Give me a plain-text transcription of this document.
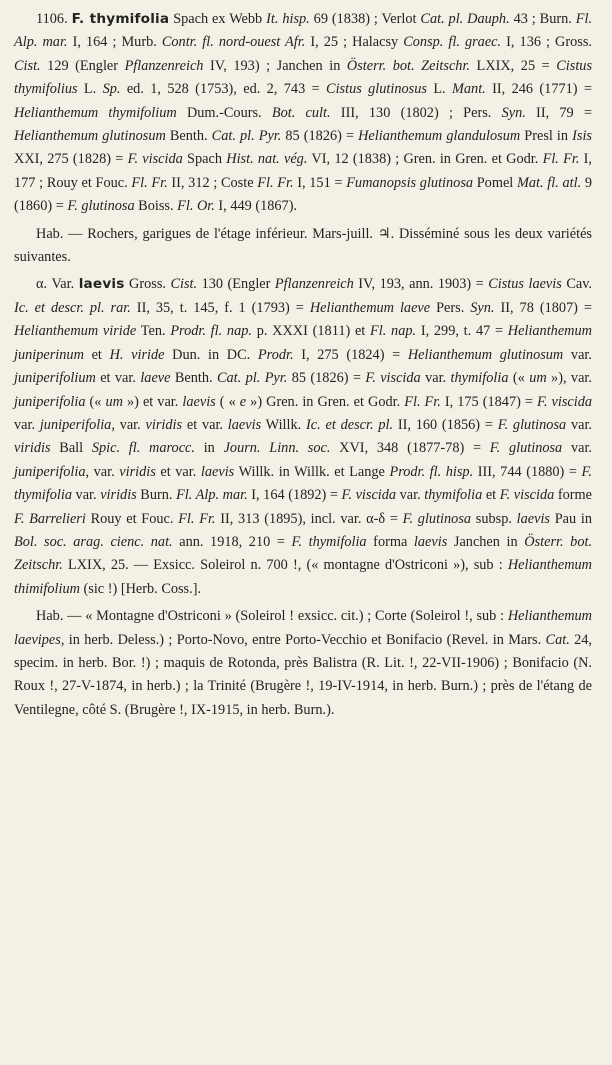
1106. F. thymifolia Spach ex Webb It. hisp. 69 (1838) ; Verlot Cat. pl. Dauph. 43 ; Burn. Fl. Alp. mar. I, 164 ; Murb. Contr. fl. nord-ouest Afr. I, 25 ; Halacsy Consp. fl. graec. I, 136 ; Gross. Cist. 129 (Engler Pflanzenreich IV, 193) ; Janchen in Österr. bot. Zeitschr. LXIX, 25 = Cistus thymifolius L. Sp. ed. 1, 528 (1753), ed. 2, 743 = Cistus glutinosus L. Mant. II, 246 (1771) = Helianthemum thymifolium Dum.-Cours. Bot. cult. III, 130 (1802) ; Pers. Syn. II, 79 = Helianthemum glutinosum Benth. Cat. pl. Pyr. 85 (1826) = Helianthemum glandulosum Presl in Isis XXI, 275 (1828) = F. viscida Spach Hist. nat. vég. VI, 12 (1838) ; Gren. in Gren. et Godr. Fl. Fr. I, 177 ; Rouy et Fouc. Fl. Fr. II, 312 ; Coste Fl. Fr. I, 151 = Fumanopsis glutinosa Pomel Mat. fl. atl. 9 (1860) = F. glutinosa Boiss. Fl. Or. I, 449 (1867).

Hab. — Rochers, garigues de l'étage inférieur. Mars-juill. ♃. Disséminé sous les deux variétés suivantes.

α. Var. laevis Gross. Cist. 130 (Engler Pflanzenreich IV, 193, ann. 1903) = Cistus laevis Cav. Ic. et descr. pl. rar. II, 35, t. 145, f. 1 (1793) = Helianthemum laeve Pers. Syn. II, 78 (1807) = Helianthemum viride Ten. Prodr. fl. nap. p. XXXI (1811) et Fl. nap. I, 299, t. 47 = Helianthemum juniperinum et H. viride Dun. in DC. Prodr. I, 275 (1824) = Helianthemum glutinosum var. juniperifolium et var. laeve Benth. Cat. pl. Pyr. 85 (1826) = F. viscida var. thymifolia (« um »), var. juniperifolia (« um ») et var. laevis ( « e ») Gren. in Gren. et Godr. Fl. Fr. I, 175 (1847) = F. viscida var. juniperifolia, var. viridis et var. laevis Willk. Ic. et descr. pl. II, 160 (1856) = F. glutinosa var. viridis Ball Spic. fl. marocc. in Journ. Linn. soc. XVI, 348 (1877-78) = F. glutinosa var. juniperifolia, var. viridis et var. laevis Willk. in Willk. et Lange Prodr. fl. hisp. III, 744 (1880) = F. thymifolia var. viridis Burn. Fl. Alp. mar. I, 164 (1892) = F. viscida var. thymifolia et F. viscida forme F. Barrelieri Rouy et Fouc. Fl. Fr. II, 313 (1895), incl. var. α-δ = F. glutinosa subsp. laevis Pau in Bol. soc. arag. cienc. nat. ann. 1918, 210 = F. thymifolia forma laevis Janchen in Österr. bot. Zeitschr. LXIX, 25. — Exsicc. Soleirol n. 700 !, (« montagne d'Ostriconi »), sub : Helianthemum thimifolium (sic !) [Herb. Coss.].

Hab. — « Montagne d'Ostriconi » (Soleirol ! exsicc. cit.) ; Corte (Soleirol !, sub : Helianthemum laevipes, in herb. Deless.) ; Porto-Novo, entre Porto-Vecchio et Bonifacio (Revel. in Mars. Cat. 24, specim. in herb. Bor. !) ; maquis de Rotonda, près Balistra (R. Lit. !, 22-VII-1906) ; Bonifacio (N. Roux !, 27-V-1874, in herb.) ; la Trinité (Brugère !, 19-IV-1914, in herb. Burn.) ; près de l'étang de Ventilegne, côté S. (Brugère !, IX-1915, in herb. Burn.).
